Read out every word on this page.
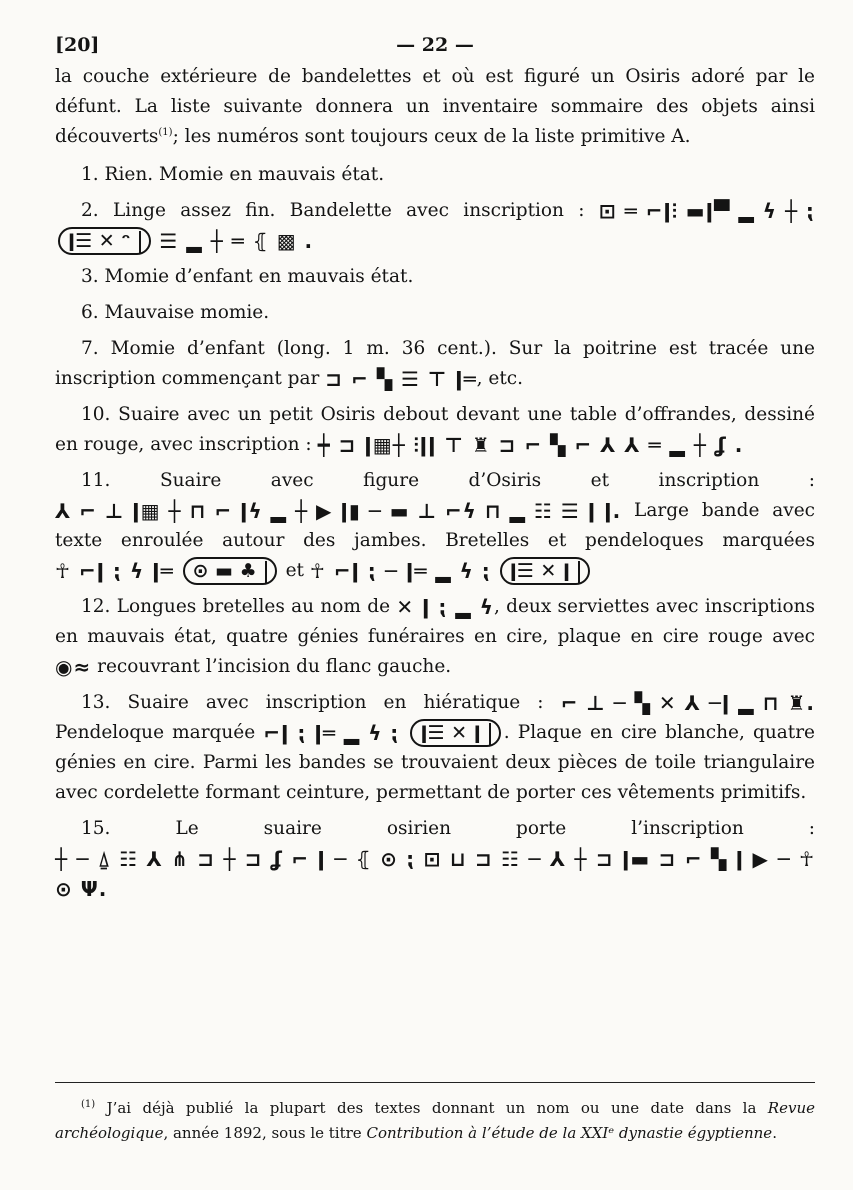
[20]	— 22 —

la couche extérieure de bandelettes et où est figuré un Osiris adoré par le défunt. La liste suivante donnera un inventaire sommaire des objets ainsi découverts$^{(1)}$; les numéros sont toujours ceux de la liste primitive A.

1. Rien. Momie en mauvais état.

2. Linge assez fin. Bandelette avec inscription : ⊡ ═ ⌐ǀ⫶ ▬ǀ▀ ▂ ϟ ┼ ⁏ ǀ☰ ✕ ᵔ ☰ ▂ ┼ ═ ⦃ ▩ .

3. Momie d’enfant en mauvais état.

6. Mauvaise momie.

7. Momie d’enfant (long. 1 m. 36 cent.). Sur la poitrine est tracée une inscription commençant par ⊐ ⌐ ▚ ☰ ⊤ ǀ═, etc.

10. Suaire avec un petit Osiris debout devant une table d’offrandes, dessiné en rouge, avec inscription : ┿ ⊐ ǀ▦┼ ⫶ǀǀ ⊤ ♜ ⊐ ⌐ ▚ ⌐ ⅄ ⅄ ═ ▂ ┼ ʆ .

11.	Suaire avec figure d’Osiris et inscription : ⅄ ⌐ ⊥ ǀ▦ ┼ ⊓ ⌐ ǀϟ ▂ ┼ ▶ ǀ▮ ─ ▬ ⊥ ⌐ϟ ⊓ ▂ ☷ ☰ ǀ ǀ. Large bande avec texte enroulée autour des jambes. Bretelles et pendeloques marquées ☥ ⌐ǀ ⁏ ϟ ǀ═ ⊙ ▬ ♣ et ☥ ⌐ǀ ⁏ ─ ǀ═ ▂ ϟ ⁏ ǀ☰ ✕ ǀ

12. Longues bretelles au nom de ✕ ǀ ⁏ ▂ ϟ, deux serviettes avec inscriptions en mauvais état, quatre génies funéraires en cire, plaque en cire rouge avec ◉≈ recouvrant l’incision du flanc gauche.

13. Suaire avec inscription en hiératique : ⌐ ⊥ ─ ▚ ✕ ⅄ ─ǀ ▂ ⊓ ♜. Pendeloque marquée ⌐ǀ ⁏ ǀ═ ▂ ϟ ⁏ ǀ☰ ✕ ǀ . Plaque en cire blanche, quatre génies en cire. Parmi les bandes se trouvaient deux pièces de toile triangulaire avec cordelette formant ceinture, permettant de porter ces vêtements primitifs.

15.	Le suaire osirien porte l’inscription : ┼ ─ ⍙ ☷ ⅄ ⋔ ⊐ ┼ ⊐ ʆ ⌐ ǀ ─ ⦃ ⊙ ⁏ ⊡ ⊔ ⊐ ☷ ─ ⅄ ┼ ⊐ ǀ▬ ⊐ ⌐ ▚ ǀ ▶ ─ ☥ ⊙ Ψ.

$^{(1)}$ J’ai déjà publié la plupart des textes donnant un nom ou une date dans la Revue archéologique, année 1892, sous le titre Contribution à l’étude de la XXIᵉ dynastie égyptienne.
